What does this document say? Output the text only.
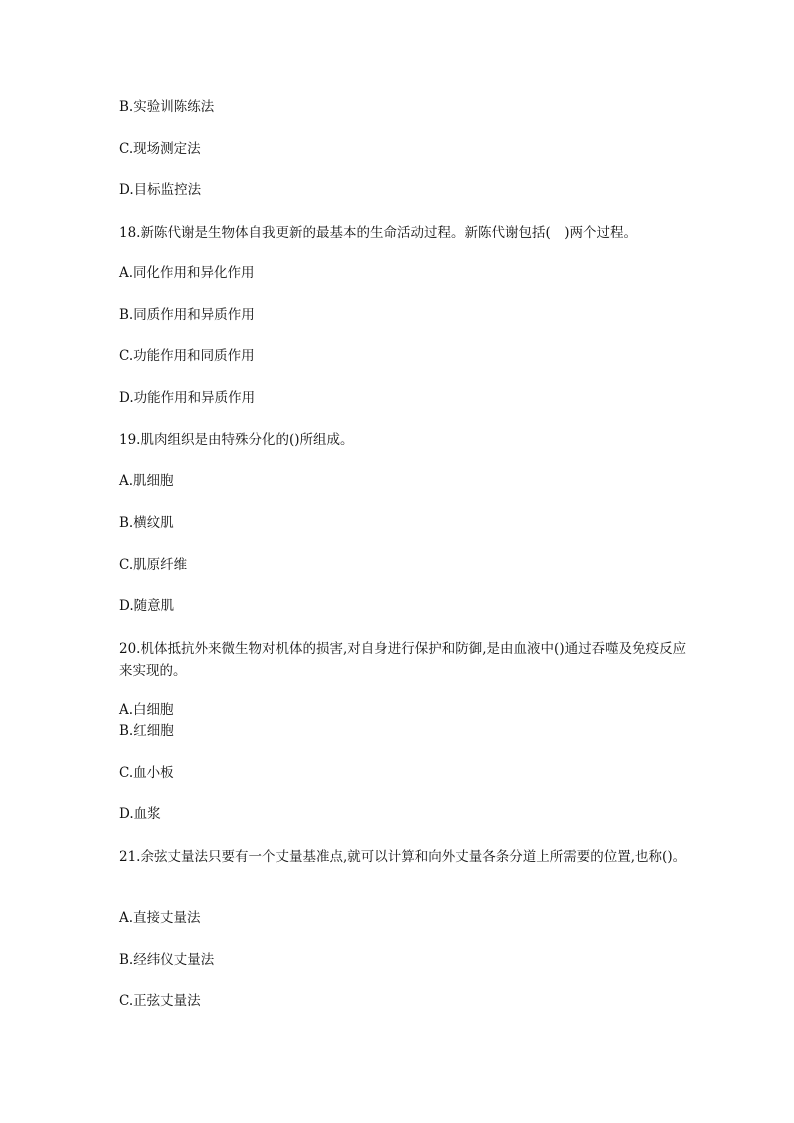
B.实验训陈练法
C.现场测定法
D.目标监控法
18.新陈代谢是生物体自我更新的最基本的生命活动过程。新陈代谢包括(　)两个过程。
A.同化作用和异化作用
B.同质作用和异质作用
C.功能作用和同质作用
D.功能作用和异质作用
19.肌肉组织是由特殊分化的()所组成。
A.肌细胞
B.横纹肌
C.肌原纤维
D.随意肌
20.机体抵抗外来微生物对机体的损害,对自身进行保护和防御,是由血液中()通过吞噬及免疫反应来实现的。
A.白细胞
B.红细胞
C.血小板
D.血浆
21.余弦丈量法只要有一个丈量基准点,就可以计算和向外丈量各条分道上所需要的位置,也称()。
A.直接丈量法
B.经纬仪丈量法
C.正弦丈量法
